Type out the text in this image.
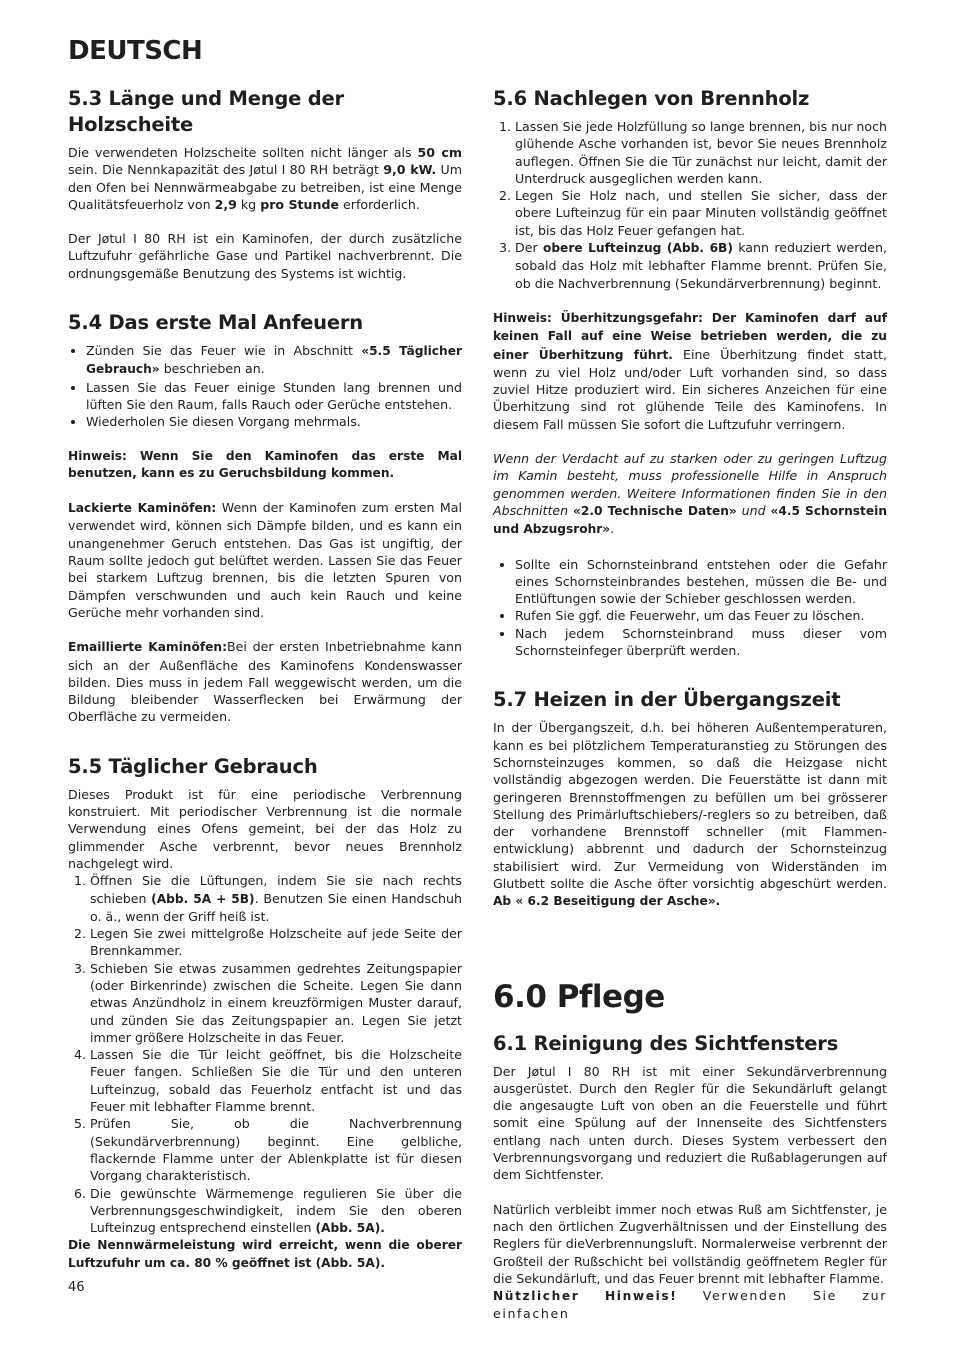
DEUTSCH
5.3 Länge und Menge der Holzscheite

Die verwendeten Holzscheite sollten nicht länger als 50 cm sein. Die Nennkapazität des Jøtul I 80 RH beträgt 9,0 kW. Um den Ofen bei Nennwärmeabgabe zu betreiben, ist eine Menge Qualitätsfeuerholz von 2,9 kg pro Stunde erforderlich.

Der Jøtul I 80 RH ist ein Kaminofen, der durch zusätzliche Luftzufuhr gefährliche Gase und Partikel nachverbrennt. Die ordnungsgemäße Benutzung des Systems ist wichtig.

5.4 Das erste Mal Anfeuern
• Zünden Sie das Feuer wie in Abschnitt «5.5 Täglicher Gebrauch» beschrieben an.
• Lassen Sie das Feuer einige Stunden lang brennen und lüften Sie den Raum, falls Rauch oder Gerüche entstehen.
• Wiederholen Sie diesen Vorgang mehrmals.

Hinweis: Wenn Sie den Kaminofen das erste Mal benutzen, kann es zu Geruchsbildung kommen.

Lackierte Kaminöfen: Wenn der Kaminofen zum ersten Mal verwendet wird, können sich Dämpfe bilden, und es kann ein unangenehmer Geruch entstehen. Das Gas ist ungiftig, der Raum sollte jedoch gut belüftet werden. Lassen Sie das Feuer bei starkem Luftzug brennen, bis die letzten Spuren von Dämpfen verschwunden und auch kein Rauch und keine Gerüche mehr vorhanden sind.

Emaillierte Kaminöfen:Bei der ersten Inbetriebnahme kann sich an der Außenfläche des Kaminofens Kondenswasser bilden. Dies muss in jedem Fall weggewischt werden, um die Bildung bleibender Wasserflecken bei Erwärmung der Oberfläche zu vermeiden.

5.5 Täglicher Gebrauch

Dieses Produkt ist für eine periodische Verbrennung konstruiert. Mit periodischer Verbrennung ist die normale Verwendung eines Ofens gemeint, bei der das Holz zu glimmender Asche verbrennt, bevor neues Brennholz nachgelegt wird.

1. Öffnen Sie die Lüftungen, indem Sie sie nach rechts schieben (Abb. 5A + 5B). Benutzen Sie einen Handschuh o. ä., wenn der Griff heiß ist.
2. Legen Sie zwei mittelgroße Holzscheite auf jede Seite der Brennkammer.
3. Schieben Sie etwas zusammen gedrehtes Zeitungspapier (oder Birkenrinde) zwischen die Scheite. Legen Sie dann etwas Anzündholz in einem kreuzförmigen Muster darauf, und zünden Sie das Zeitungspapier an. Legen Sie jetzt immer größere Holzscheite in das Feuer.
4. Lassen Sie die Tür leicht geöffnet, bis die Holzscheite Feuer fangen. Schließen Sie die Tür und den unteren Lufteinzug, sobald das Feuerholz entfacht ist und das Feuer mit lebhafter Flamme brennt.
5. Prüfen Sie, ob die Nachverbrennung (Sekundärverbrennung) beginnt. Eine gelbliche, flackernde Flamme unter der Ablenkplatte ist für diesen Vorgang charakteristisch.
6. Die gewünschte Wärmemenge regulieren Sie über die Verbrennungsgeschwindigkeit, indem Sie den oberen Lufteinzug entsprechend einstellen (Abb. 5A).

Die Nennwärmeleistung wird erreicht, wenn die oberer Luftzufuhr um ca. 80 % geöffnet ist (Abb. 5A).

5.6 Nachlegen von Brennholz
1. Lassen Sie jede Holzfüllung so lange brennen, bis nur noch glühende Asche vorhanden ist, bevor Sie neues Brennholz auflegen. Öffnen Sie die Tür zunächst nur leicht, damit der Unterdruck ausgeglichen werden kann.
2. Legen Sie Holz nach, und stellen Sie sicher, dass der obere Lufteinzug für ein paar Minuten vollständig geöffnet ist, bis das Holz Feuer gefangen hat.
3. Der obere Lufteinzug (Abb. 6B) kann reduziert werden, sobald das Holz mit lebhafter Flamme brennt. Prüfen Sie, ob die Nachverbrennung (Sekundärverbrennung) beginnt.

Hinweis: Überhitzungsgefahr: Der Kaminofen darf auf keinen Fall auf eine Weise betrieben werden, die zu einer Überhitzung führt. Eine Überhitzung findet statt, wenn zu viel Holz und/oder Luft vorhanden sind, so dass zuviel Hitze produziert wird. Ein sicheres Anzeichen für eine Überhitzung sind rot glühende Teile des Kaminofens. In diesem Fall müssen Sie sofort die Luftzufuhr verringern.

Wenn der Verdacht auf zu starken oder zu geringen Luftzug im Kamin besteht, muss professionelle Hilfe in Anspruch genommen werden. Weitere Informationen finden Sie in den Abschnitten «2.0 Technische Daten» und «4.5 Schornstein und Abzugsrohr».

• Sollte ein Schornsteinbrand entstehen oder die Gefahr eines Schornsteinbrandes bestehen, müssen die Be- und Entlüftungen sowie der Schieber geschlossen werden.
• Rufen Sie ggf. die Feuerwehr, um das Feuer zu löschen.
• Nach jedem Schornsteinbrand muss dieser vom Schornsteinfeger überprüft werden.
5.7 Heizen in der Übergangszeit

In der Übergangszeit, d.h. bei höheren Außentemperaturen, kann es bei plötzlichem Temperaturanstieg zu Störungen des Schornsteinzuges kommen, so daß die Heizgase nicht vollständig abgezogen werden. Die Feuerstätte ist dann mit geringeren Brennstoffmengen zu befüllen um bei grösserer Stellung des Primärluftschiebers/-reglers so zu betreiben, daß der vorhandene Brennstoff schneller (mit Flammen-entwicklung) abbrennt und dadurch der Schornsteinzug stabilisiert wird. Zur Vermeidung von Widerständen im Glutbett sollte die Asche öfter vorsichtig abgeschürt werden. Ab « 6.2 Beseitigung der Asche».

6.0 Pflege
6.1 Reinigung des Sichtfensters

Der Jøtul I 80 RH ist mit einer Sekundärverbrennung ausgerüstet. Durch den Regler für die Sekundärluft gelangt die angesaugte Luft von oben an die Feuerstelle und führt somit eine Spülung auf der Innenseite des Sichtfensters entlang nach unten durch. Dieses System verbessert den Verbrennungsvorgang und reduziert die Rußablagerungen auf dem Sichtfenster.

Natürlich verbleibt immer noch etwas Ruß am Sichtfenster, je nach den örtlichen Zugverhältnissen und der Einstellung des Reglers für dieVerbrennungsluft. Normalerweise verbrennt der Großteil der Rußschicht bei vollständig geöffnetem Regler für die Sekundärluft, und das Feuer brennt mit lebhafter Flamme.

Nützlicher Hinweis! Verwenden Sie zur einfachen

46
